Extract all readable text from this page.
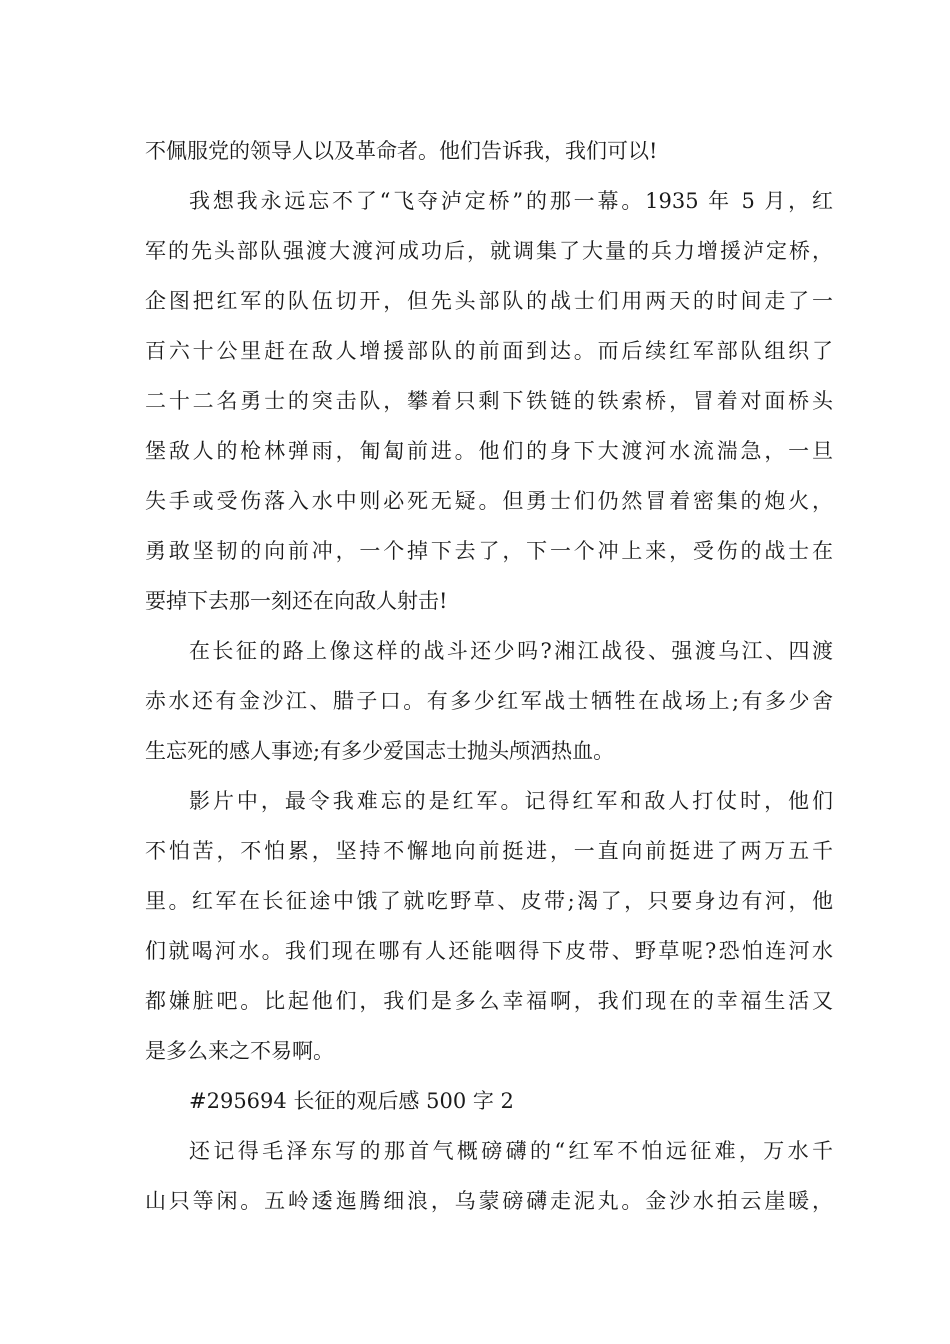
不佩服党的领导人以及革命者。他们告诉我，我们可以!
我想我永远忘不了“飞夺泸定桥”的那一幕。1935 年 5 月，红
军的先头部队强渡大渡河成功后，就调集了大量的兵力增援泸定桥，
企图把红军的队伍切开，但先头部队的战士们用两天的时间走了一
百六十公里赶在敌人增援部队的前面到达。而后续红军部队组织了
二十二名勇士的突击队，攀着只剩下铁链的铁索桥，冒着对面桥头
堡敌人的枪林弹雨，匍匐前进。他们的身下大渡河水流湍急，一旦
失手或受伤落入水中则必死无疑。但勇士们仍然冒着密集的炮火，
勇敢坚韧的向前冲，一个掉下去了，下一个冲上来，受伤的战士在
要掉下去那一刻还在向敌人射击!
在长征的路上像这样的战斗还少吗?湘江战役、强渡乌江、四渡
赤水还有金沙江、腊子口。有多少红军战士牺牲在战场上;有多少舍
生忘死的感人事迹;有多少爱国志士抛头颅洒热血。
影片中，最令我难忘的是红军。记得红军和敌人打仗时，他们
不怕苦，不怕累，坚持不懈地向前挺进，一直向前挺进了两万五千
里。红军在长征途中饿了就吃野草、皮带;渴了，只要身边有河，他
们就喝河水。我们现在哪有人还能咽得下皮带、野草呢?恐怕连河水
都嫌脏吧。比起他们，我们是多么幸福啊，我们现在的幸福生活又
是多么来之不易啊。
#295694 长征的观后感 500 字 2
还记得毛泽东写的那首气概磅礴的“红军不怕远征难，万水千
山只等闲。五岭逶迤腾细浪，乌蒙磅礴走泥丸。金沙水拍云崖暖，
